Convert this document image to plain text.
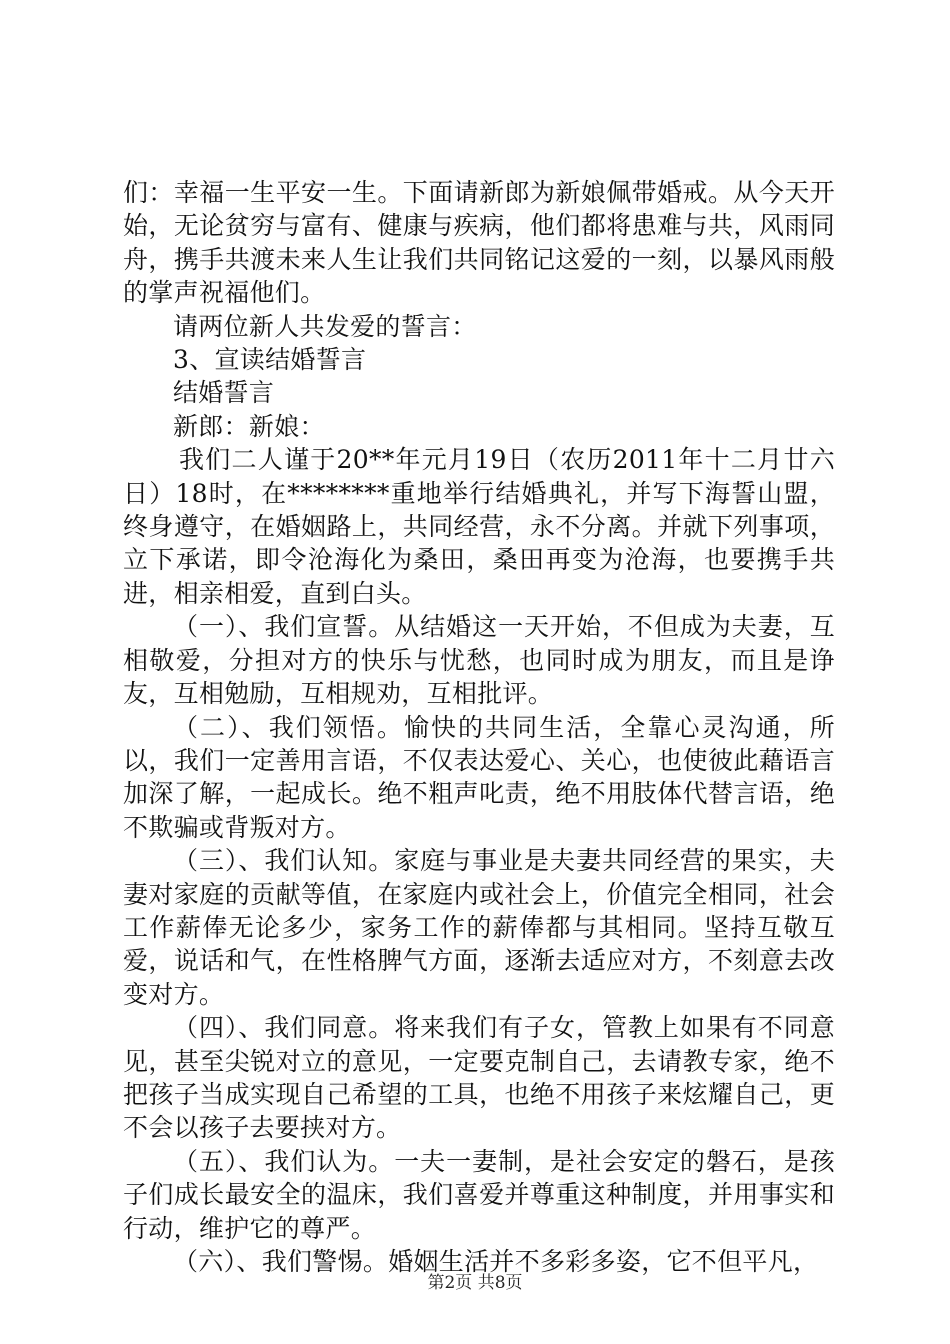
们：幸福一生平安一生。下面请新郎为新娘佩带婚戒。从今天开始，无论贫穷与富有、健康与疾病，他们都将患难与共，风雨同舟，携手共渡未来人生让我们共同铭记这爱的一刻，以暴风雨般的掌声祝福他们。

请两位新人共发爱的誓言：

3、宣读结婚誓言

结婚誓言

新郎：新娘：

我们二人谨于20**年元月19日（农历2011年十二月廿六日）18时，在********重地举行结婚典礼，并写下海誓山盟，终身遵守，在婚姻路上，共同经营，永不分离。并就下列事项，立下承诺，即令沧海化为桑田，桑田再变为沧海，也要携手共进，相亲相爱，直到白头。

（一）、我们宣誓。从结婚这一天开始，不但成为夫妻，互相敬爱，分担对方的快乐与忧愁，也同时成为朋友，而且是诤友，互相勉励，互相规劝，互相批评。

（二）、我们领悟。愉快的共同生活，全靠心灵沟通，所以，我们一定善用言语，不仅表达爱心、关心，也使彼此藉语言加深了解，一起成长。绝不粗声叱责，绝不用肢体代替言语，绝不欺骗或背叛对方。

（三）、我们认知。家庭与事业是夫妻共同经营的果实，夫妻对家庭的贡献等值，在家庭内或社会上，价值完全相同，社会工作薪俸无论多少，家务工作的薪俸都与其相同。坚持互敬互爱，说话和气，在性格脾气方面，逐渐去适应对方，不刻意去改变对方。

（四）、我们同意。将来我们有子女，管教上如果有不同意见，甚至尖锐对立的意见，一定要克制自己，去请教专家，绝不把孩子当成实现自己希望的工具，也绝不用孩子来炫耀自己，更不会以孩子去要挟对方。

（五）、我们认为。一夫一妻制，是社会安定的磐石，是孩子们成长最安全的温床，我们喜爱并尊重这种制度，并用事实和行动，维护它的尊严。

（六）、我们警惕。婚姻生活并不多彩多姿，它不但平凡，

第2页 共8页
